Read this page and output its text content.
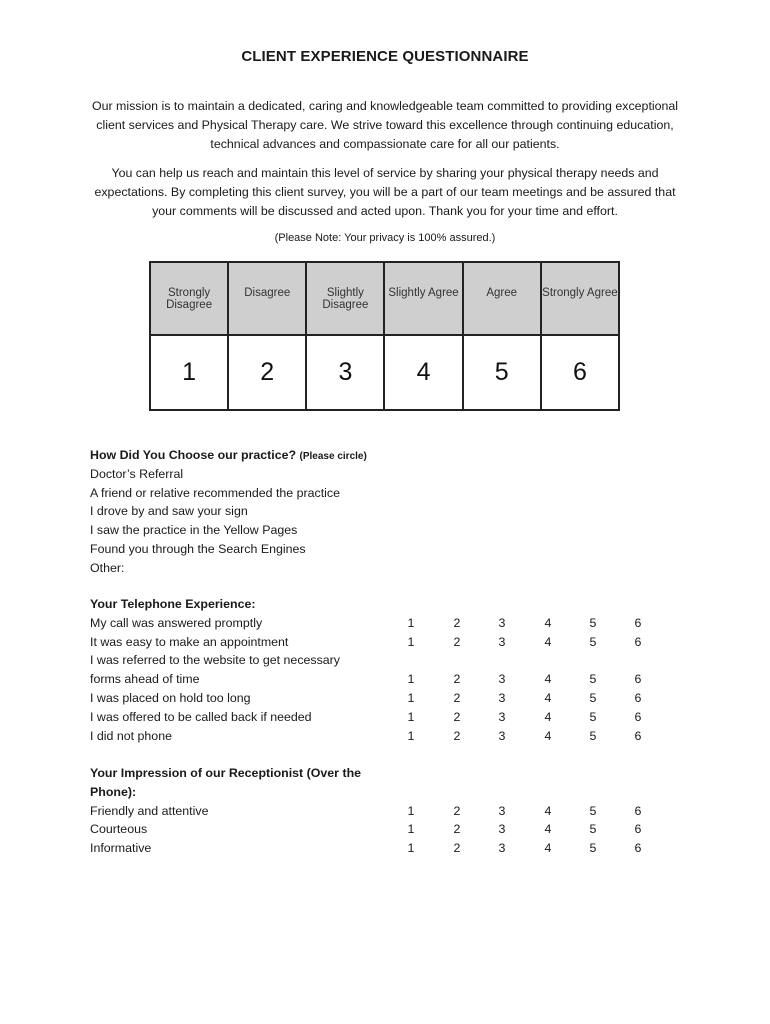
CLIENT EXPERIENCE QUESTIONNAIRE

Our mission is to maintain a dedicated, caring and knowledgeable team committed to providing exceptional client services and Physical Therapy care. We strive toward this excellence through continuing education, technical advances and compassionate care for all our patients.

You can help us reach and maintain this level of service by sharing your physical therapy needs and expectations. By completing this client survey, you will be a part of our team meetings and be assured that your comments will be discussed and acted upon. Thank you for your time and effort.

(Please Note: Your privacy is 100% assured.)
Strongly Disagree	Disagree	Slightly Disagree	Slightly Agree	Agree	Strongly Agree
1	2	3	4	5	6
How Did You Choose our practice? (Please circle)
Doctor’s Referral
A friend or relative recommended the practice
I drove by and saw your sign
I saw the practice in the Yellow Pages
Found you through the Search Engines
Other:
Your Telephone Experience:
My call was answered promptly	1	2	3	4	5	6
It was easy to make an appointment	1	2	3	4	5	6
I was referred to the website to get necessary
forms ahead of time	1	2	3	4	5	6
I was placed on hold too long	1	2	3	4	5	6
I was offered to be called back if needed	1	2	3	4	5	6
I did not phone	1	2	3	4	5	6
Your Impression of our Receptionist (Over the
Phone):
Friendly and attentive	1	2	3	4	5	6
Courteous	1	2	3	4	5	6
Informative	1	2	3	4	5	6
